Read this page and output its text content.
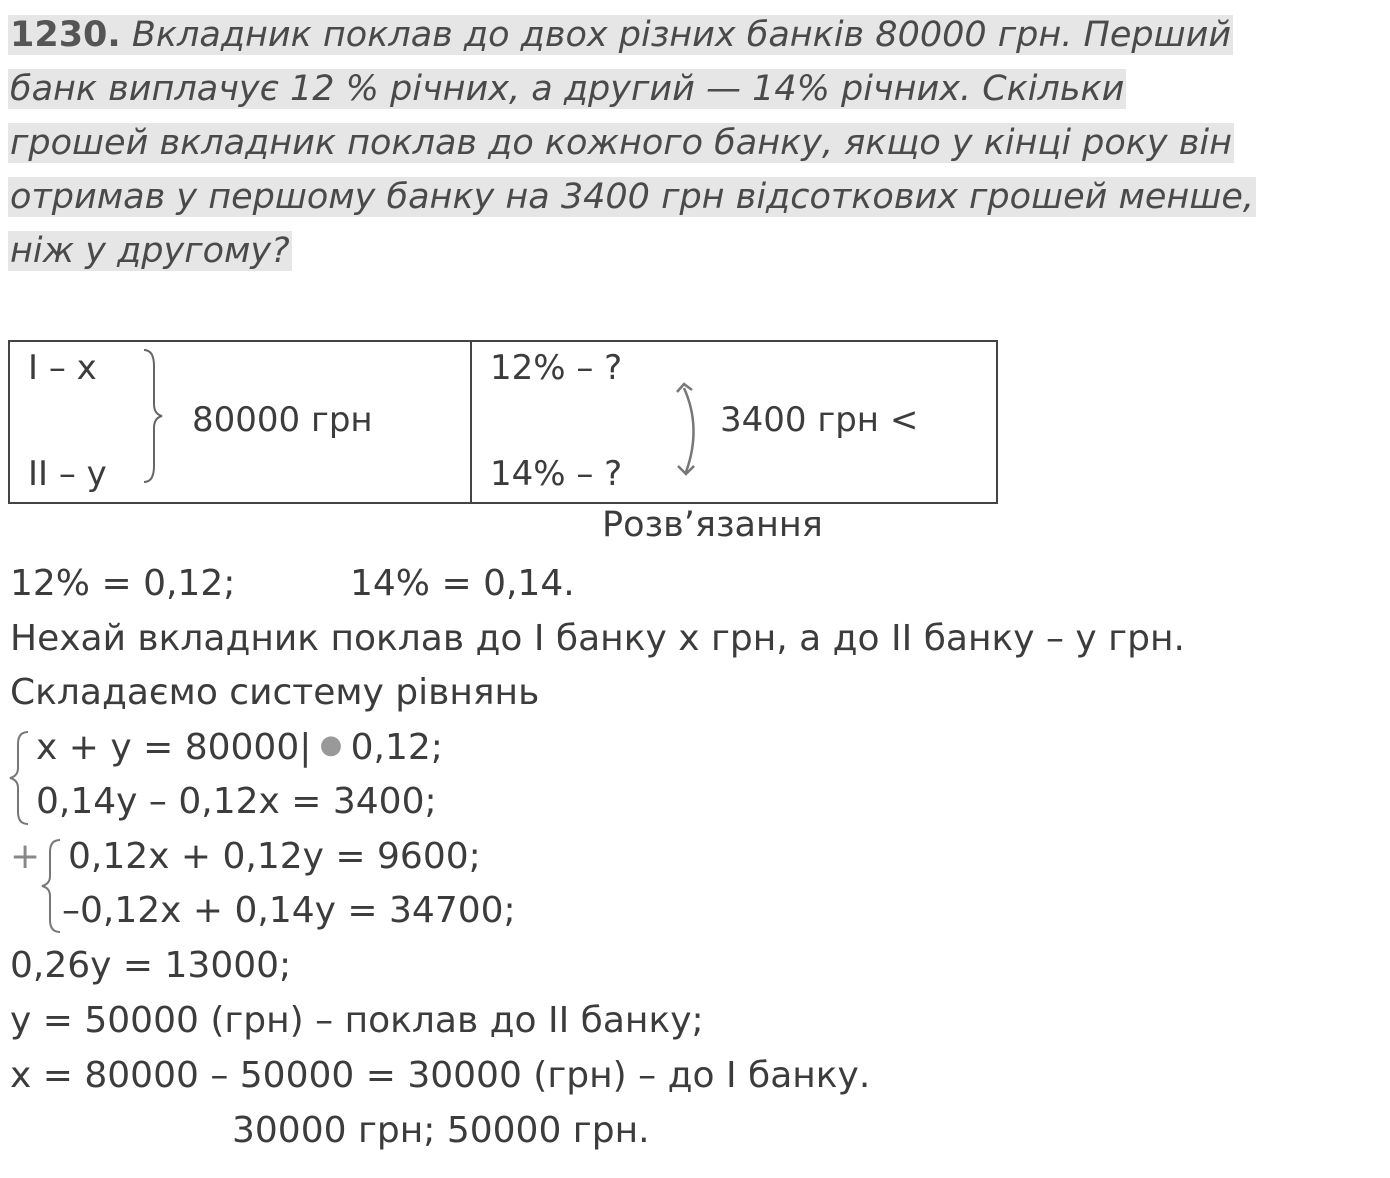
1230. Вкладник поклав до двох різних банків 80000 грн. Перший
банк виплачує 12 % річних, а другий — 14% річних. Скільки
грошей вкладник поклав до кожного банку, якщо у кінці року він
отримав у першому банку на 3400 грн відсоткових грошей менше,
ніж у другому?
I – x
II – y
80000 грн
12% – ?
14% – ?
3400 грн <
Розв’язання
12% = 0,12;	14% = 0,14.
Нехай вкладник поклав до I банку x грн, а до II банку – y грн.
Складаємо систему рівнянь
x + y = 80000| ● 0,12;
0,14y – 0,12x = 3400;
+ 0,12x + 0,12y = 9600;
–0,12x + 0,14y = 34700;
0,26y = 13000;
y = 50000 (грн) – поклав до II банку;
x = 80000 – 50000 = 30000 (грн) – до I банку.
30000 грн; 50000 грн.
